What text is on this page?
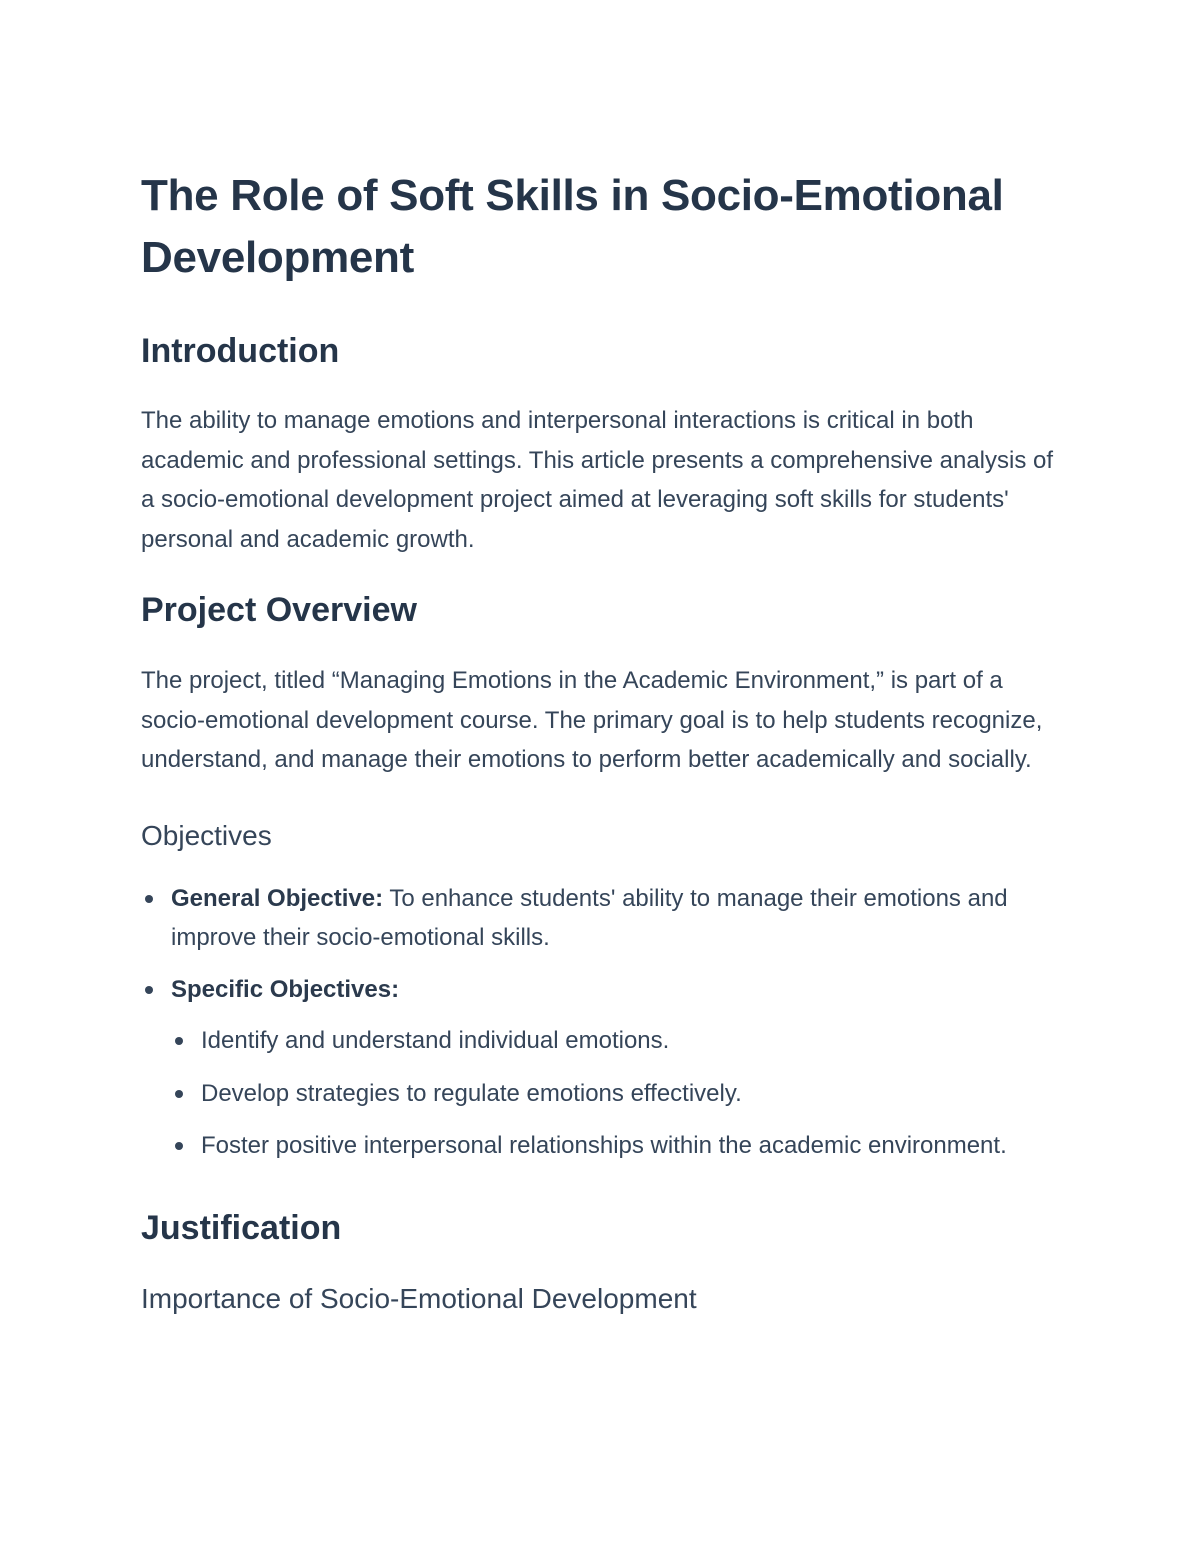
The Role of Soft Skills in Socio-Emotional Development
Introduction

The ability to manage emotions and interpersonal interactions is critical in both academic and professional settings. This article presents a comprehensive analysis of a socio-emotional development project aimed at leveraging soft skills for students' personal and academic growth.

Project Overview

The project, titled “Managing Emotions in the Academic Environment,” is part of a socio-emotional development course. The primary goal is to help students recognize, understand, and manage their emotions to perform better academically and socially.

Objectives
General Objective: To enhance students' ability to manage their emotions and improve their socio-emotional skills.
Specific Objectives:
Identify and understand individual emotions.
Develop strategies to regulate emotions effectively.
Foster positive interpersonal relationships within the academic environment.
Justification
Importance of Socio-Emotional Development
